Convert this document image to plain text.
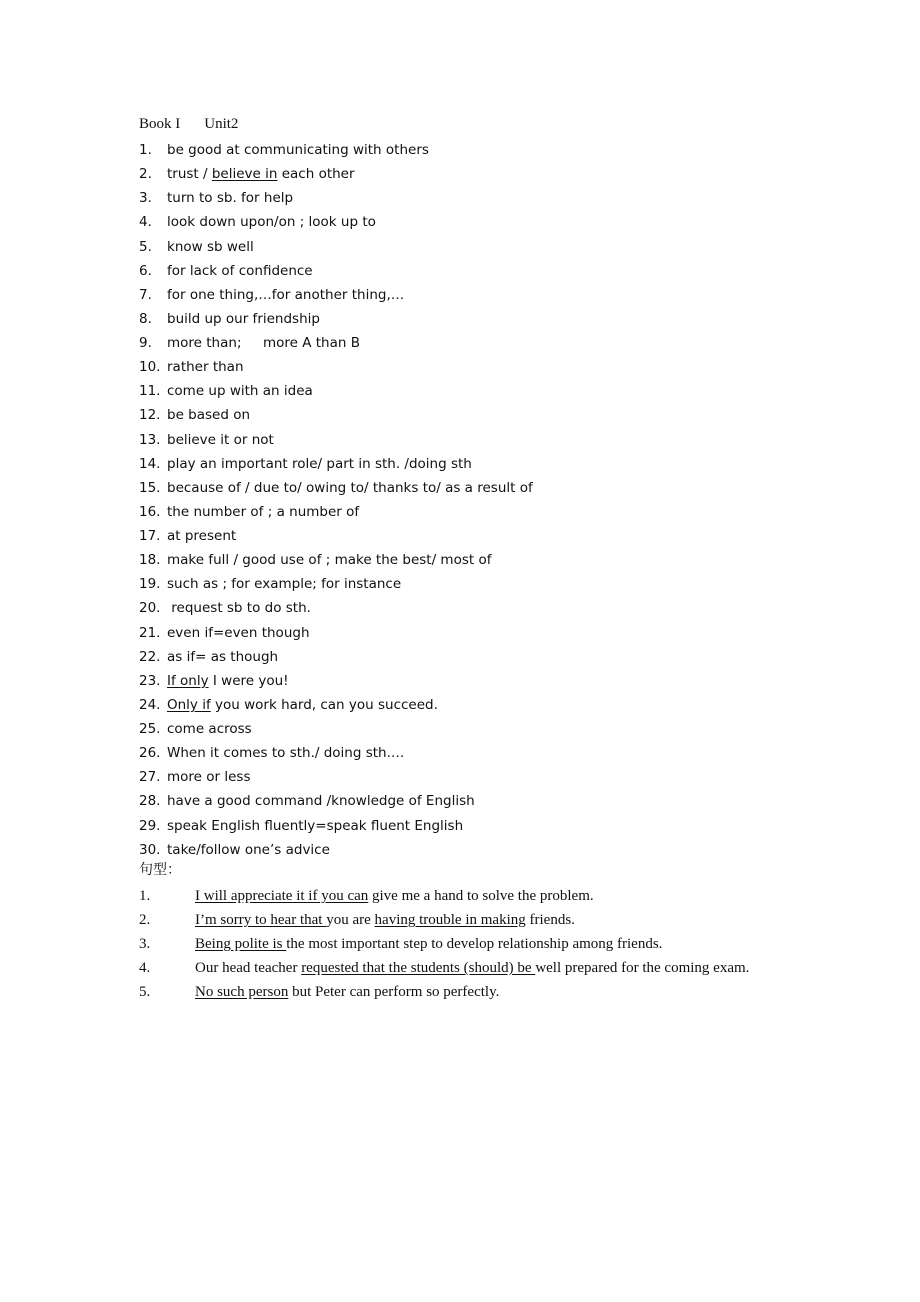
Book I Unit2
1.	be good at communicating with others
2.	trust / believe in each other
3.	turn to sb. for help
4.	look down upon/on ; look up to
5.	know sb well
6.	for lack of confidence
7.	for one thing,…for another thing,…
8.	build up our friendship
9.	more than;     more A than B
10. rather than
11. come up with an idea
12. be based on
13. believe it or not
14. play an important role/ part in sth. /doing sth
15. because of / due to/ owing to/ thanks to/ as a result of
16. the number of ; a number of
17. at present
18. make full / good use of ; make the best/ most of
19. such as ; for example; for instance
20. request sb to do sth.
21. even if=even though
22. as if= as though
23. If only I were you!
24. Only if you work hard, can you succeed.
25. come across
26. When it comes to sth./ doing sth.…
27. more or less
28. have a good command /knowledge of English
29. speak English fluently=speak fluent English
30. take/follow one’s advice
句型：
1.	I will appreciate it if you can give me a hand to solve the problem.
2.	I’m sorry to hear that you are having trouble in making friends.
3.	Being polite is the most important step to develop relationship among friends.
4.	Our head teacher requested that the students (should) be well prepared for the coming exam.
5.	No such person but Peter can perform so perfectly.
